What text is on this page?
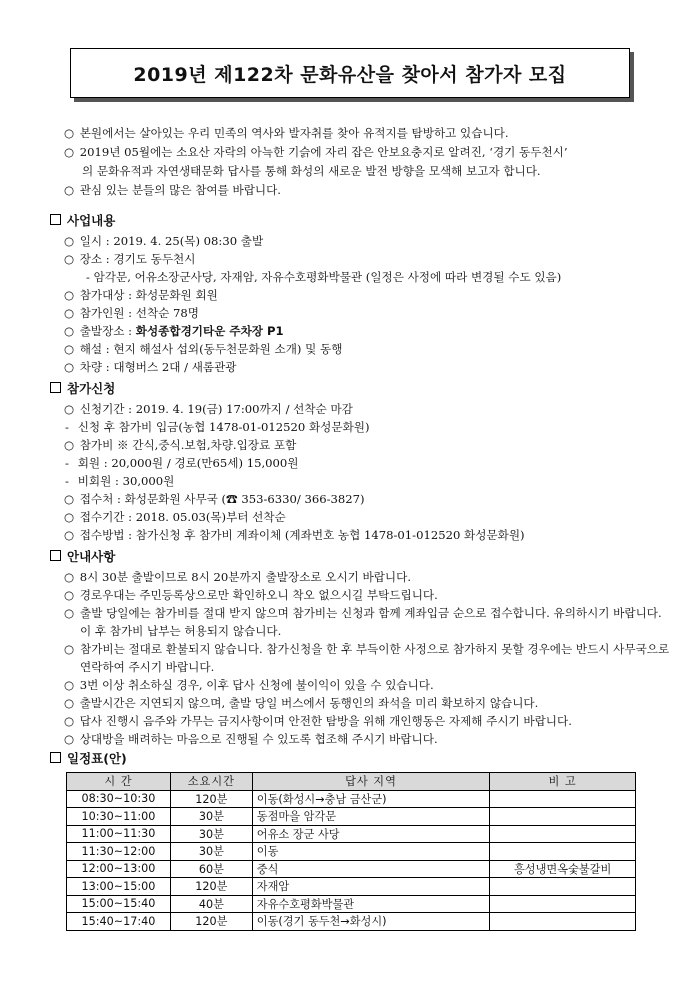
2019년 제122차 문화유산을 찾아서 참가자 모집
○ 본원에서는 살아있는 우리 민족의 역사와 발자취를 찾아 유적지를 탐방하고 있습니다.
○ 2019년 05월에는 소요산 자락의 아늑한 기슭에 자리 잡은 안보요충지로 알려진, ‘경기 동두천시’
의 문화유적과 자연생태문화 답사를 통해 화성의 새로운 발전 방향을 모색해 보고자 합니다.
○ 관심 있는 분들의 많은 참여를 바랍니다.
사업내용
○ 일시 : 2019. 4. 25(목) 08:30 출발
○ 장소 : 경기도 동두천시
- 암각문, 어유소장군사당, 자재암, 자유수호평화박물관 (일정은 사정에 따라 변경될 수도 있음)
○ 참가대상 : 화성문화원 회원
○ 참가인원 : 선착순 78명
○ 출발장소 : 화성종합경기타운 주차장 P1
○ 해설 : 현지 해설사 섭외(동두천문화원 소개) 및 동행
○ 차량 : 대형버스 2대 / 새롬관광
참가신청
○ 신청기간 : 2019. 4. 19(금) 17:00까지 / 선착순 마감
- 신청 후 참가비 입금(농협 1478-01-012520 화성문화원)
○ 참가비 ※ 간식,중식.보험,차량.입장료 포함
- 회원 : 20,000원 / 경로(만65세) 15,000원
- 비회원 : 30,000원
○ 접수처 : 화성문화원 사무국 (☎ 353-6330/ 366-3827)
○ 접수기간 : 2018. 05.03(목)부터 선착순
○ 접수방법 : 참가신청 후 참가비 계좌이체 (계좌번호 농협 1478-01-012520 화성문화원)
안내사항
○ 8시 30분 출발이므로 8시 20분까지 출발장소로 오시기 바랍니다.
○ 경로우대는 주민등록상으로만 확인하오니 착오 없으시길 부탁드립니다.
○ 출발 당일에는 참가비를 절대 받지 않으며 참가비는 신청과 함께 계좌입금 순으로 접수합니다. 유의하시기 바랍니다. 이 후 참가비 납부는 허용되지 않습니다.
○ 참가비는 절대로 환불되지 않습니다. 참가신청을 한 후 부득이한 사정으로 참가하지 못할 경우에는 반드시 사무국으로 연락하여 주시기 바랍니다.
○ 3번 이상 취소하실 경우, 이후 답사 신청에 불이익이 있을 수 있습니다.
○ 출발시간은 지연되지 않으며, 출발 당일 버스에서 동행인의 좌석을 미리 확보하지 않습니다.
○ 답사 진행시 음주와 가무는 금지사항이며 안전한 탐방을 위해 개인행동은 자제해 주시기 바랍니다.
○ 상대방을 배려하는 마음으로 진행될 수 있도록 협조해 주시기 바랍니다.
일정표(안)
시 간	소요시간	답사 지역	비 고
08:30~10:30	120분	이동(화성시→충남 금산군)	
10:30~11:00	30분	동점마을 암각문	
11:00~11:30	30분	어유소 장군 사당	
11:30~12:00	30분	이동	
12:00~13:00	60분	중식	흥성냉면옥숯불갈비
13:00~15:00	120분	자재암	
15:00~15:40	40분	자유수호평화박물관	
15:40~17:40	120분	이동(경기 동두천→화성시)	
